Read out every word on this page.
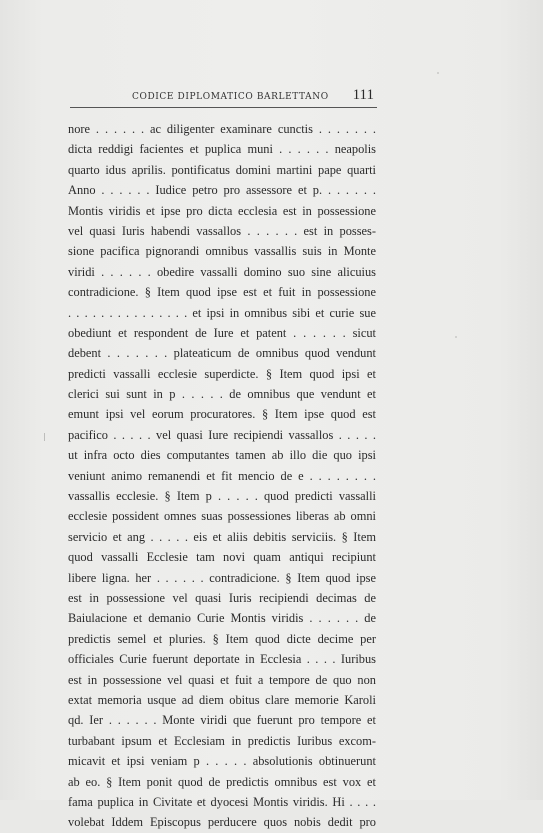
CODICE DIPLOMATICO BARLETTANO 111
nore . . . . . . ac diligenter examinare cunctis . . . . . . .
dicta reddigi facientes et puplica muni . . . . . . neapolis
quarto idus aprilis. pontificatus domini martini pape quarti
Anno . . . . . . Iudice petro pro assessore et p. . . . . . .
Montis viridis et ipse pro dicta ecclesia est in possessione
vel quasi Iuris habendi vassallos . . . . . . est in posses-
sione pacifica pignorandi omnibus vassallis suis in Monte
viridi . . . . . . obedire vassalli domino suo sine alicuius
contradicione. § Item quod ipse est et fuit in possessione
. . . . . . . . . . . . . . . et ipsi in omnibus sibi et curie sue
obediunt et respondent de Iure et patent . . . . . . sicut
debent . . . . . . . plateaticum de omnibus quod vendunt
predicti vassalli ecclesie superdicte. § Item quod ipsi et
clerici sui sunt in p . . . . . de omnibus que vendunt et
emunt ipsi vel eorum procuratores. § Item ipse quod est
pacifico . . . . . vel quasi Iure recipiendi vassallos . . . . .
ut infra octo dies computantes tamen ab illo die quo ipsi
veniunt animo remanendi et fit mencio de e . . . . . . . .
vassallis ecclesie. § Item p . . . . . quod predicti vassalli
ecclesie possident omnes suas possessiones liberas ab omni
servicio et ang . . . . . eis et aliis debitis serviciis. § Item
quod vassalli Ecclesie tam novi quam antiqui recipiunt
libere ligna. her . . . . . . contradicione. § Item quod ipse
est in possessione vel quasi Iuris recipiendi decimas de
Baiulacione et demanio Curie Montis viridis . . . . . . de
predictis semel et pluries. § Item quod dicte decime per
officiales Curie fuerunt deportate in Ecclesia . . . . Iuribus
est in possessione vel quasi et fuit a tempore de quo non
extat memoria usque ad diem obitus clare memorie Karoli
qd. Ier . . . . . . Monte viridi que fuerunt pro tempore et
turbabant ipsum et Ecclesiam in predictis Iuribus excom-
micavit et ipsi veniam p . . . . . absolutionis obtinuerunt
ab eo. § Item ponit quod de predictis omnibus est vox et
fama puplica in Civitate et dyocesi Montis viridis. Hi . . . .
volebat Iddem Episcopus perducere quos nobis dedit pro
